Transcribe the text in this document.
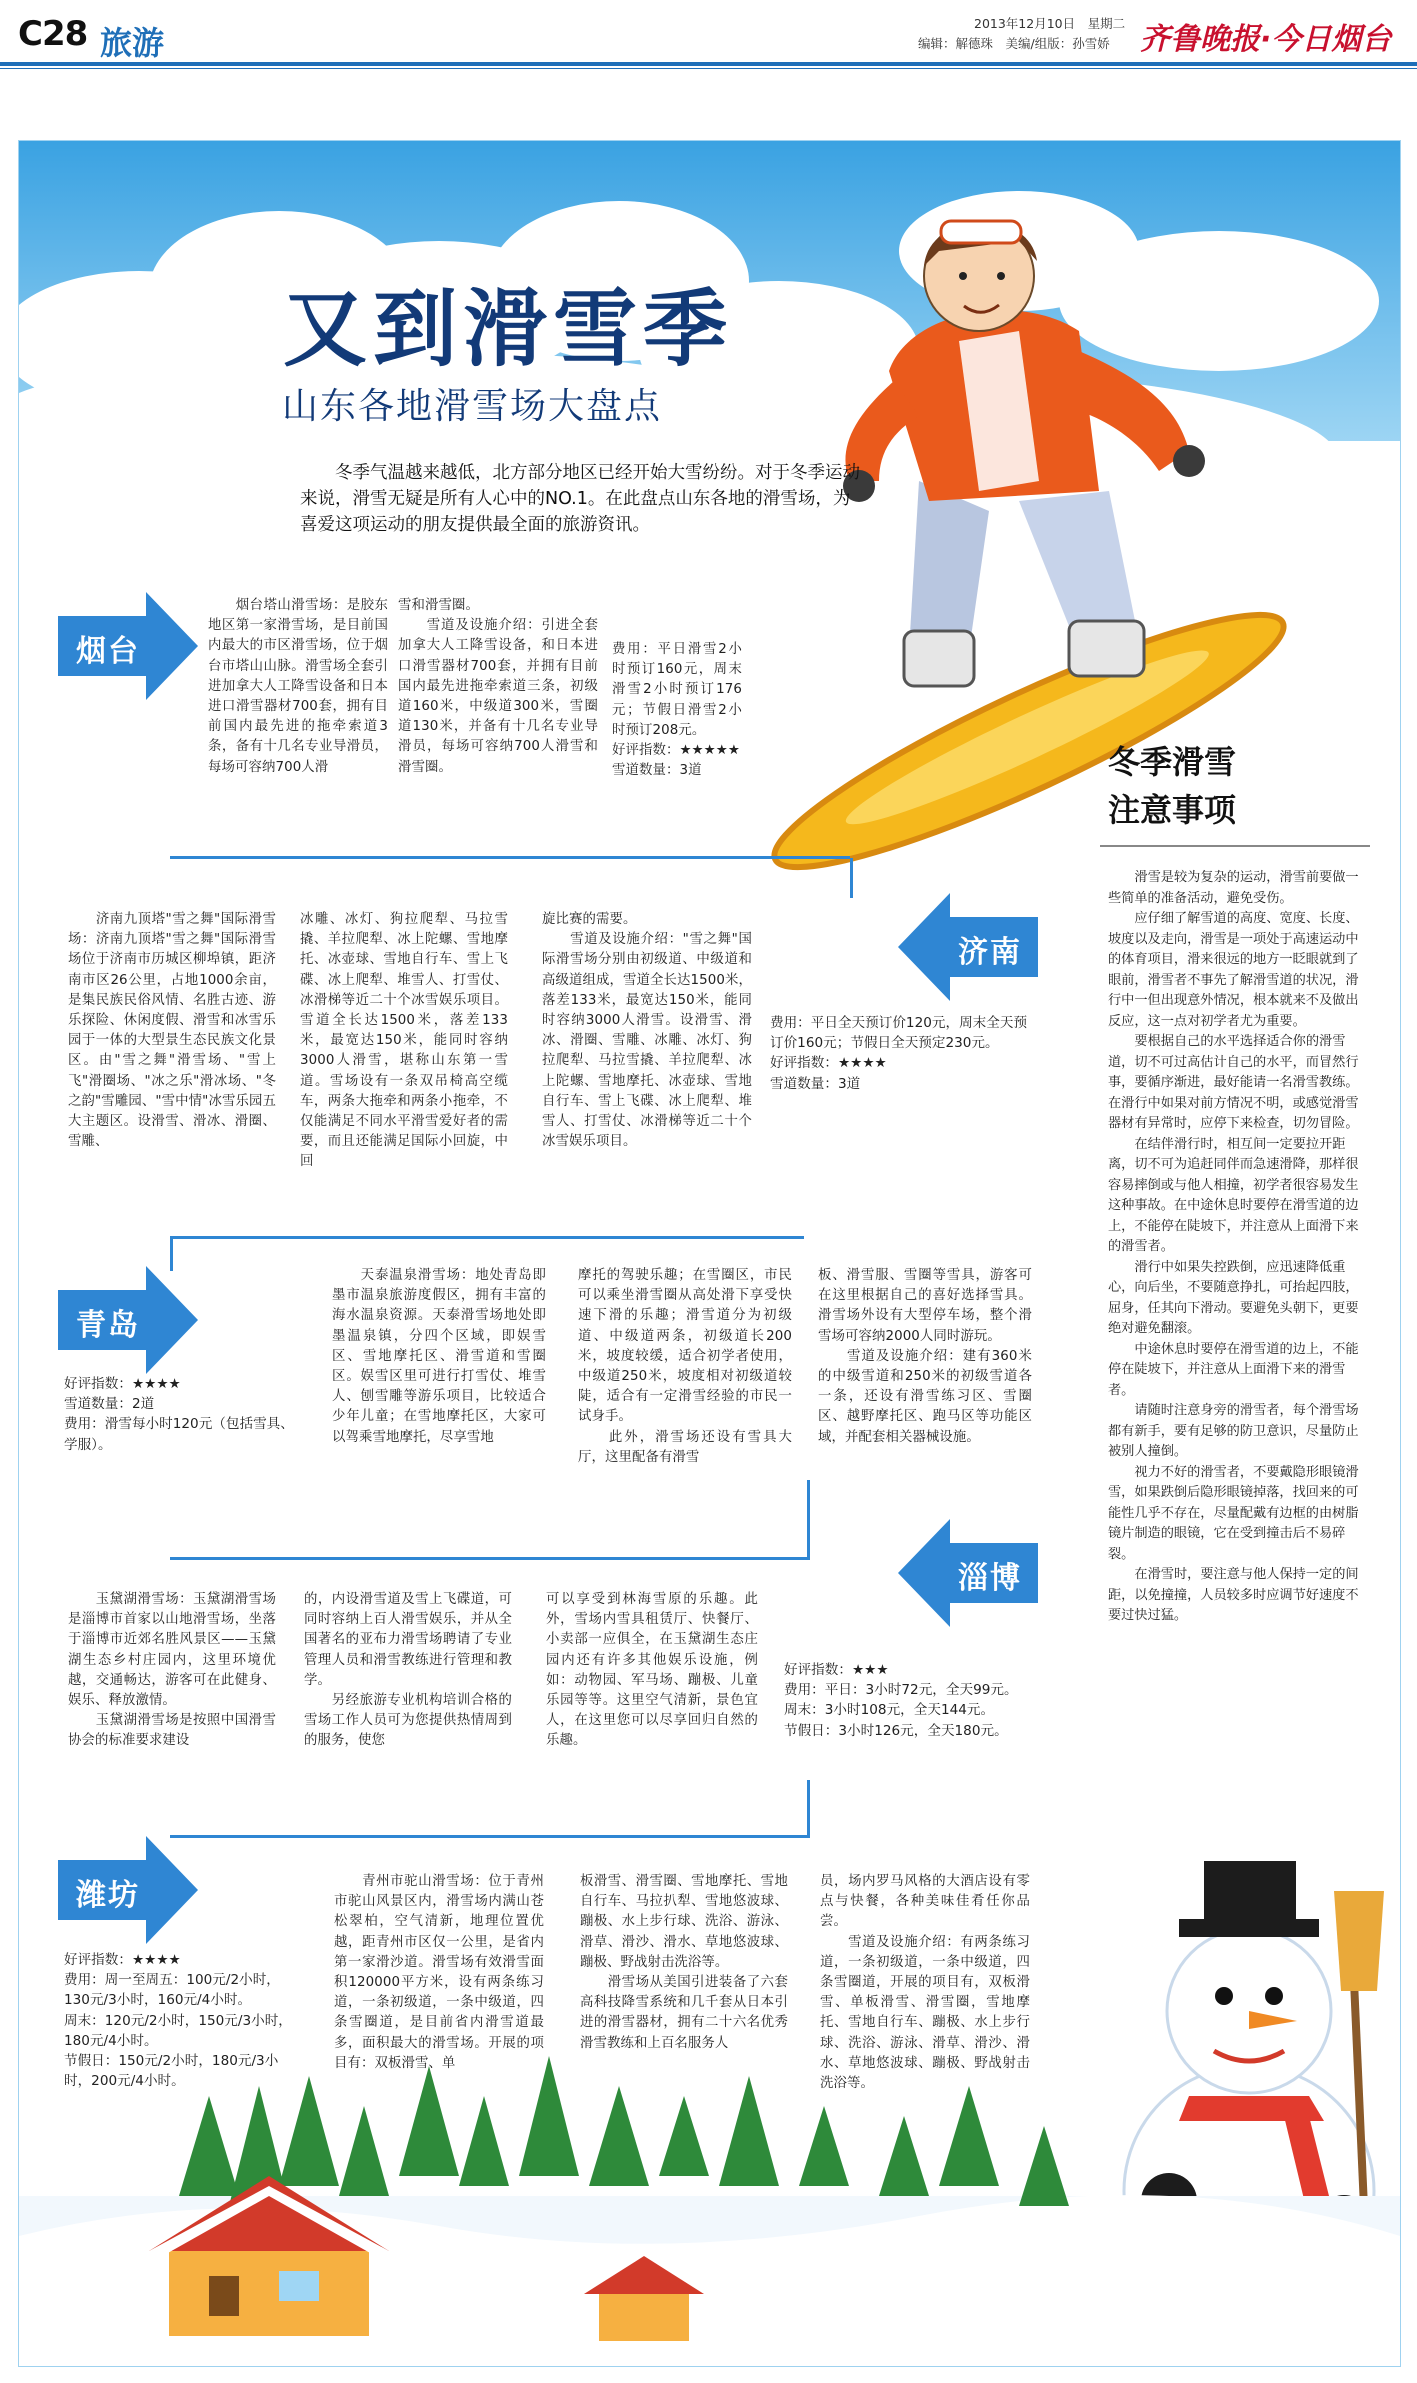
C28 旅游
2013年12月10日　星期二
编辑：解德珠　美编/组版：孙雪娇 齐鲁晚报·今日烟台
又到滑雪季
山东各地滑雪场大盘点
冬季气温越来越低，北方部分地区已经开始大雪纷纷。对于冬季运动来说，滑雪无疑是所有人心中的NO.1。在此盘点山东各地的滑雪场，为喜爱这项运动的朋友提供最全面的旅游资讯。
烟台
　　烟台塔山滑雪场：是胶东地区第一家滑雪场，是目前国内最大的市区滑雪场，位于烟台市塔山山脉。滑雪场全套引进加拿大人工降雪设备和日本进口滑雪器材700套，拥有目前国内最先进的拖牵索道3条，备有十几名专业导滑员，每场可容纳700人滑
雪和滑雪圈。
　　雪道及设施介绍：引进全套加拿大人工降雪设备，和日本进口滑雪器材700套，并拥有目前国内最先进拖牵索道三条，初级道160米，中级道300米，雪圈道130米，并备有十几名专业导滑员，每场可容纳700人滑雪和滑雪圈。
费用：平日滑雪2小时预订160元，周末滑雪2小时预订176元；节假日滑雪2小时预订208元。
好评指数：★★★★★
雪道数量：3道
济南
　　济南九顶塔"雪之舞"国际滑雪场：济南九顶塔"雪之舞"国际滑雪场位于济南市历城区柳埠镇，距济南市区26公里，占地1000余亩，是集民族民俗风情、名胜古迹、游乐探险、休闲度假、滑雪和冰雪乐园于一体的大型景生态民族文化景区。由"雪之舞"滑雪场、"雪上飞"滑圈场、"冰之乐"滑冰场、"冬之韵"雪雕园、"雪中情"冰雪乐园五大主题区。设滑雪、滑冰、滑圈、雪雕、
冰雕、冰灯、狗拉爬犁、马拉雪撬、羊拉爬犁、冰上陀螺、雪地摩托、冰壶球、雪地自行车、雪上飞碟、冰上爬犁、堆雪人、打雪仗、冰滑梯等近二十个冰雪娱乐项目。雪道全长达1500米，落差133米，最宽达150米，能同时容纳3000人滑雪，堪称山东第一雪道。雪场设有一条双吊椅高空缆车，两条大拖牵和两条小拖牵，不仅能满足不同水平滑雪爱好者的需要，而且还能满足国际小回旋，中回
旋比赛的需要。
　　雪道及设施介绍："雪之舞"国际滑雪场分别由初级道、中级道和高级道组成，雪道全长达1500米，落差133米，最宽达150米，能同时容纳3000人滑雪。设滑雪、滑冰、滑圈、雪雕、冰雕、冰灯、狗拉爬犁、马拉雪撬、羊拉爬犁、冰上陀螺、雪地摩托、冰壶球、雪地自行车、雪上飞碟、冰上爬犁、堆雪人、打雪仗、冰滑梯等近二十个冰雪娱乐项目。
费用：平日全天预订价120元，周末全天预订价160元；节假日全天预定230元。
好评指数：★★★★
雪道数量：3道
青岛
好评指数：★★★★
雪道数量：2道
费用：滑雪每小时120元（包括雪具、学服）。
　　天泰温泉滑雪场：地处青岛即墨市温泉旅游度假区，拥有丰富的海水温泉资源。天泰滑雪场地处即墨温泉镇，分四个区域，即娱雪区、雪地摩托区、滑雪道和雪圈区。娱雪区里可进行打雪仗、堆雪人、刨雪雕等游乐项目，比较适合少年儿童；在雪地摩托区，大家可以驾乘雪地摩托，尽享雪地
摩托的驾驶乐趣；在雪圈区，市民可以乘坐滑雪圈从高处滑下享受快速下滑的乐趣；滑雪道分为初级道、中级道两条，初级道长200米，坡度较缓，适合初学者使用，中级道250米，坡度相对初级道较陡，适合有一定滑雪经验的市民一试身手。
　　此外，滑雪场还设有雪具大厅，这里配备有滑雪
板、滑雪服、雪圈等雪具，游客可在这里根据自己的喜好选择雪具。滑雪场外设有大型停车场，整个滑雪场可容纳2000人同时游玩。
　　雪道及设施介绍：建有360米的中级雪道和250米的初级雪道各一条，还设有滑雪练习区、雪圈区、越野摩托区、跑马区等功能区域，并配套相关器械设施。
淄博
　　玉黛湖滑雪场：玉黛湖滑雪场是淄博市首家以山地滑雪场，坐落于淄博市近郊名胜风景区——玉黛湖生态乡村庄园内，这里环境优越，交通畅达，游客可在此健身、娱乐、释放激情。
　　玉黛湖滑雪场是按照中国滑雪协会的标准要求建设
的，内设滑雪道及雪上飞碟道，可同时容纳上百人滑雪娱乐，并从全国著名的亚布力滑雪场聘请了专业管理人员和滑雪教练进行管理和教学。
　　另经旅游专业机构培训合格的雪场工作人员可为您提供热情周到的服务，使您
可以享受到林海雪原的乐趣。此外，雪场内雪具租赁厅、快餐厅、小卖部一应俱全，在玉黛湖生态庄园内还有许多其他娱乐设施，例如：动物园、军马场、蹦极、儿童乐园等等。这里空气清新，景色宜人，在这里您可以尽享回归自然的乐趣。
好评指数：★★★
费用：平日：3小时72元，全天99元。
周末：3小时108元，全天144元。
节假日：3小时126元，全天180元。
潍坊
好评指数：★★★★
费用：周一至周五：100元/2小时，130元/3小时，160元/4小时。
周末：120元/2小时，150元/3小时，180元/4小时。
节假日：150元/2小时，180元/3小时，200元/4小时。
　　青州市驼山滑雪场：位于青州市驼山风景区内，滑雪场内满山苍松翠柏，空气清新，地理位置优越，距青州市区仅一公里，是省内第一家滑沙道。滑雪场有效滑雪面积120000平方米，设有两条练习道，一条初级道，一条中级道，四条雪圈道，是目前省内滑雪道最多，面积最大的滑雪场。开展的项目有：双板滑雪、单
板滑雪、滑雪圈、雪地摩托、雪地自行车、马拉扒犁、雪地悠波球、蹦极、水上步行球、洗浴、游泳、滑草、滑沙、滑水、草地悠波球、蹦极、野战射击洗浴等。
　　滑雪场从美国引进装备了六套高科技降雪系统和几千套从日本引进的滑雪器材，拥有二十六名优秀滑雪教练和上百名服务人
员，场内罗马风格的大酒店设有零点与快餐，各种美味佳肴任你品尝。
　　雪道及设施介绍：有两条练习道，一条初级道，一条中级道，四条雪圈道，开展的项目有，双板滑雪、单板滑雪、滑雪圈，雪地摩托、雪地自行车、蹦极、水上步行球、洗浴、游泳、滑草、滑沙、滑水、草地悠波球、蹦极、野战射击洗浴等。
冬季滑雪
注意事项

滑雪是较为复杂的运动，滑雪前要做一些简单的准备活动，避免受伤。

应仔细了解雪道的高度、宽度、长度、坡度以及走向，滑雪是一项处于高速运动中的体育项目，滑来很远的地方一眨眼就到了眼前，滑雪者不事先了解滑雪道的状况，滑行中一但出现意外情况，根本就来不及做出反应，这一点对初学者尤为重要。

要根据自己的水平选择适合你的滑雪道，切不可过高估计自己的水平，而冒然行事，要循序渐进，最好能请一名滑雪教练。在滑行中如果对前方情况不明，或感觉滑雪器材有异常时，应停下来检查，切勿冒险。

在结伴滑行时，相互间一定要拉开距离，切不可为追赶同伴而急速滑降，那样很容易摔倒或与他人相撞，初学者很容易发生这种事故。在中途休息时要停在滑雪道的边上，不能停在陡坡下，并注意从上面滑下来的滑雪者。

滑行中如果失控跌倒，应迅速降低重心，向后坐，不要随意挣扎，可抬起四肢，屈身，任其向下滑动。要避免头朝下，更要绝对避免翻滚。

中途休息时要停在滑雪道的边上，不能停在陡坡下，并注意从上面滑下来的滑雪者。

请随时注意身旁的滑雪者，每个滑雪场都有新手，要有足够的防卫意识，尽量防止被别人撞倒。

视力不好的滑雪者，不要戴隐形眼镜滑雪，如果跌倒后隐形眼镜掉落，找回来的可能性几乎不存在，尽量配戴有边框的由树脂镜片制造的眼镜，它在受到撞击后不易碎裂。

在滑雪时，要注意与他人保持一定的间距，以免撞撞，人员较多时应调节好速度不要过快过猛。
